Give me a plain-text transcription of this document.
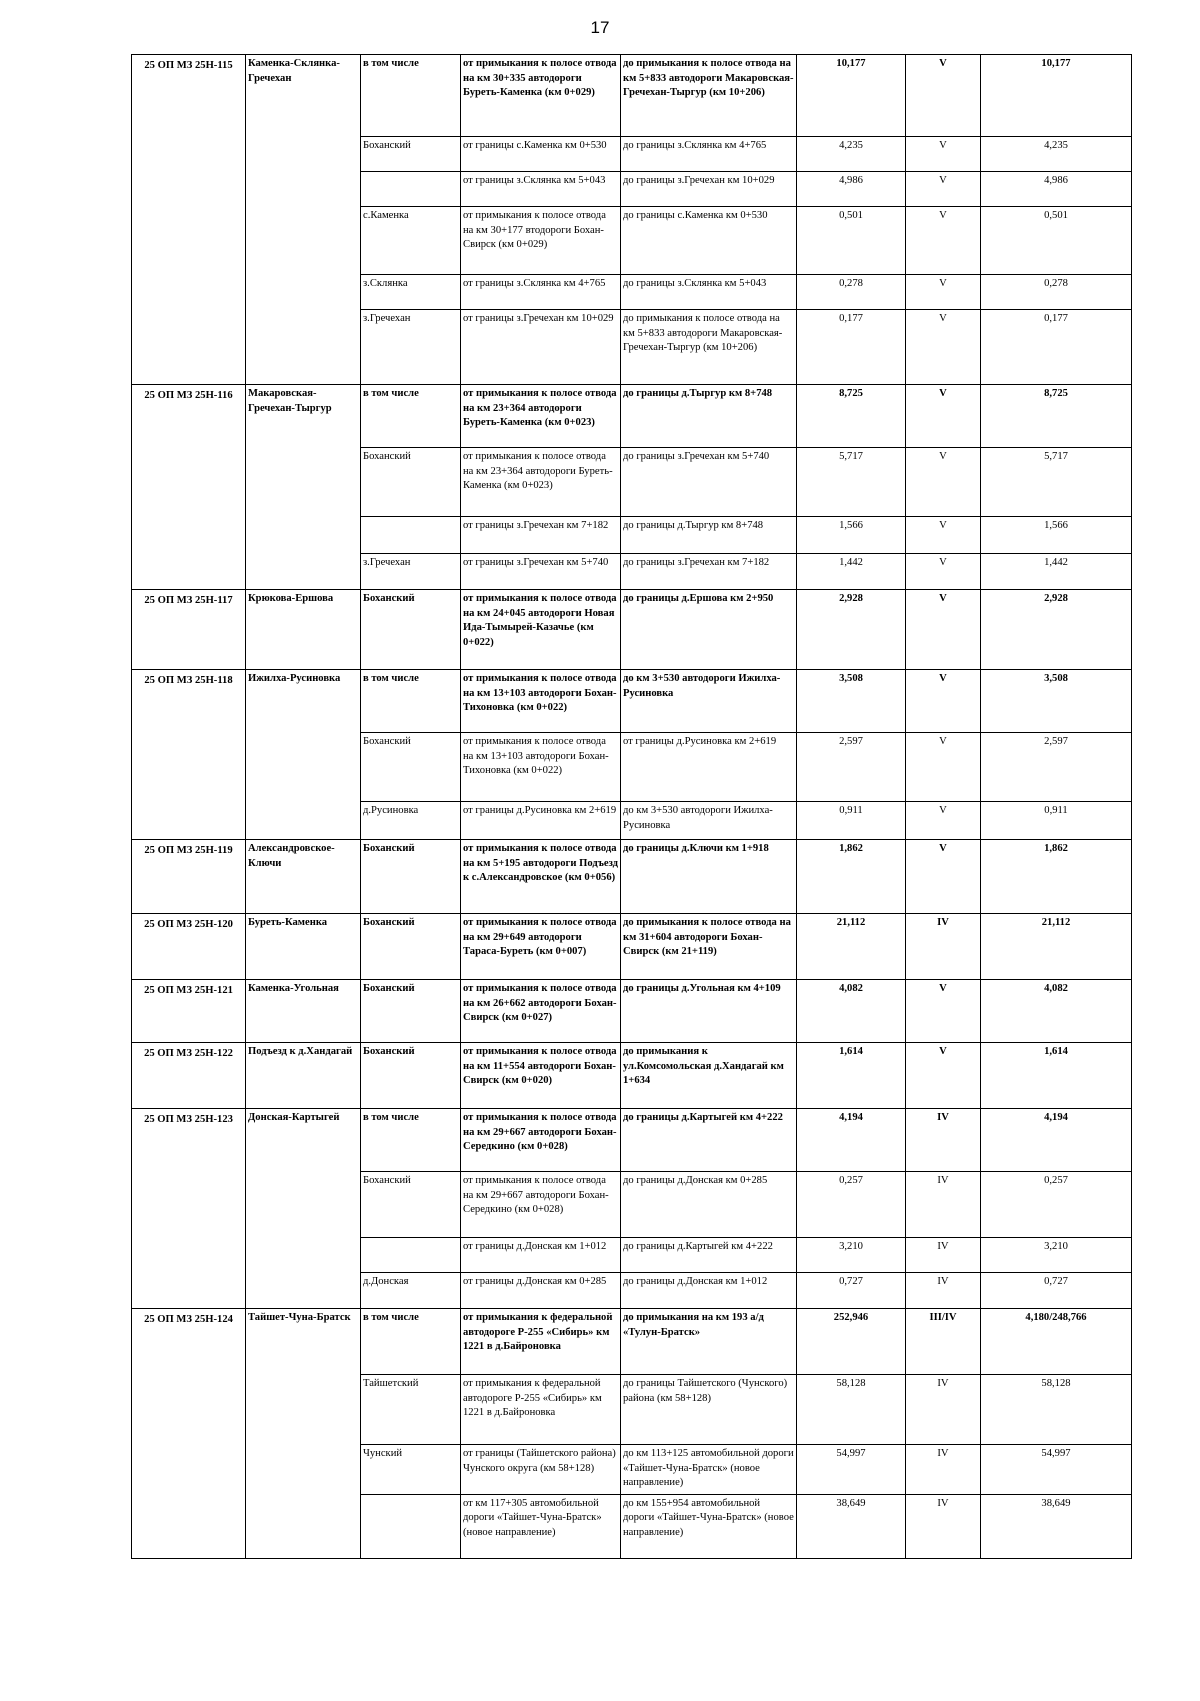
17
25 ОП МЗ 25Н-115	Каменка-Склянка-Гречехан	в том числе	от примыкания к полосе отвода на км 30+335 автодороги Буреть-Каменка (км 0+029)	до примыкания к полосе отвода на км 5+833 автодороги Макаровская-Гречехан-Тыргур (км 10+206)	10,177	V	10,177
		Боханский	от границы с.Каменка км 0+530	до границы з.Склянка км 4+765	4,235	V	4,235
			от границы з.Склянка км 5+043	до границы з.Гречехан км 10+029	4,986	V	4,986
		с.Каменка	от примыкания к полосе отвода на км 30+177 втодороги Бохан-Свирск (км 0+029)	до границы с.Каменка км 0+530	0,501	V	0,501
		з.Склянка	от границы з.Склянка км 4+765	до границы з.Склянка км 5+043	0,278	V	0,278
		з.Гречехан	от границы з.Гречехан км 10+029	до примыкания к полосе отвода на км 5+833 автодороги Макаровская-Гречехан-Тыргур (км 10+206)	0,177	V	0,177
25 ОП МЗ 25Н-116	Макаровская-Гречехан-Тыргур	в том числе	от примыкания к полосе отвода на км 23+364 автодороги Буреть-Каменка (км 0+023)	до границы д.Тыргур км 8+748	8,725	V	8,725
		Боханский	от примыкания к полосе отвода на км 23+364 автодороги Буреть-Каменка (км 0+023)	до границы з.Гречехан км 5+740	5,717	V	5,717
			от границы з.Гречехан км 7+182	до границы д.Тыргур км 8+748	1,566	V	1,566
		з.Гречехан	от границы з.Гречехан км 5+740	до границы з.Гречехан км 7+182	1,442	V	1,442
25 ОП МЗ 25Н-117	Крюкова-Ершова	Боханский	от примыкания к полосе отвода на км 24+045 автодороги Новая Ида-Тымырей-Казачье (км 0+022)	до границы д.Ершова км 2+950	2,928	V	2,928
25 ОП МЗ 25Н-118	Ижилха-Русиновка	в том числе	от примыкания к полосе отвода на км 13+103 автодороги Бохан-Тихоновка (км 0+022)	до км 3+530 автодороги Ижилха-Русиновка	3,508	V	3,508
		Боханский	от примыкания к полосе отвода на км 13+103 автодороги Бохан-Тихоновка (км 0+022)	от границы д.Русиновка км 2+619	2,597	V	2,597
		д.Русиновка	от границы д.Русиновка км 2+619	до км 3+530 автодороги Ижилха-Русиновка	0,911	V	0,911
25 ОП МЗ 25Н-119	Александровское-Ключи	Боханский	от примыкания к полосе отвода на км 5+195 автодороги Подъезд к с.Александровское (км 0+056)	до границы д.Ключи км 1+918	1,862	V	1,862
25 ОП МЗ 25Н-120	Буреть-Каменка	Боханский	от примыкания к полосе отвода на км 29+649 автодороги Тараса-Буреть (км 0+007)	до примыкания к полосе отвода на км 31+604 автодороги Бохан-Свирск (км 21+119)	21,112	IV	21,112
25 ОП МЗ 25Н-121	Каменка-Угольная	Боханский	от примыкания к полосе отвода на км 26+662 автодороги Бохан-Свирск (км 0+027)	до границы д.Угольная км 4+109	4,082	V	4,082
25 ОП МЗ 25Н-122	Подъезд к д.Хандагай	Боханский	от примыкания к полосе отвода на км 11+554 автодороги Бохан-Свирск (км 0+020)	до примыкания к ул.Комсомольская д.Хандагай км 1+634	1,614	V	1,614
25 ОП МЗ 25Н-123	Донская-Картыгей	в том числе	от примыкания к полосе отвода на км 29+667 автодороги Бохан-Середкино (км 0+028)	до границы д.Картыгей км 4+222	4,194	IV	4,194
		Боханский	от примыкания к полосе отвода на км 29+667 автодороги Бохан-Середкино (км 0+028)	до границы д.Донская км 0+285	0,257	IV	0,257
			от границы д.Донская км 1+012	до границы д.Картыгей км 4+222	3,210	IV	3,210
		д.Донская	от границы д.Донская км 0+285	до границы д.Донская км 1+012	0,727	IV	0,727
25 ОП МЗ 25Н-124	Тайшет-Чуна-Братск	в том числе	от примыкания к федеральной автодороге Р-255 «Сибирь» км 1221 в д.Байроновка	до примыкания на км 193 а/д «Тулун-Братск»	252,946	III/IV	4,180/248,766
		Тайшетский	от примыкания к федеральной автодороге Р-255 «Сибирь» км 1221 в д.Байроновка	до границы Тайшетского (Чунского) района (км 58+128)	58,128	IV	58,128
		Чунский	от границы (Тайшетского района) Чунского округа (км 58+128)	до км 113+125 автомобильной дороги «Тайшет-Чуна-Братск» (новое направление)	54,997	IV	54,997
			от км 117+305 автомобильной дороги «Тайшет-Чуна-Братск» (новое направление)	до км 155+954 автомобильной дороги «Тайшет-Чуна-Братск» (новое направление)	38,649	IV	38,649
